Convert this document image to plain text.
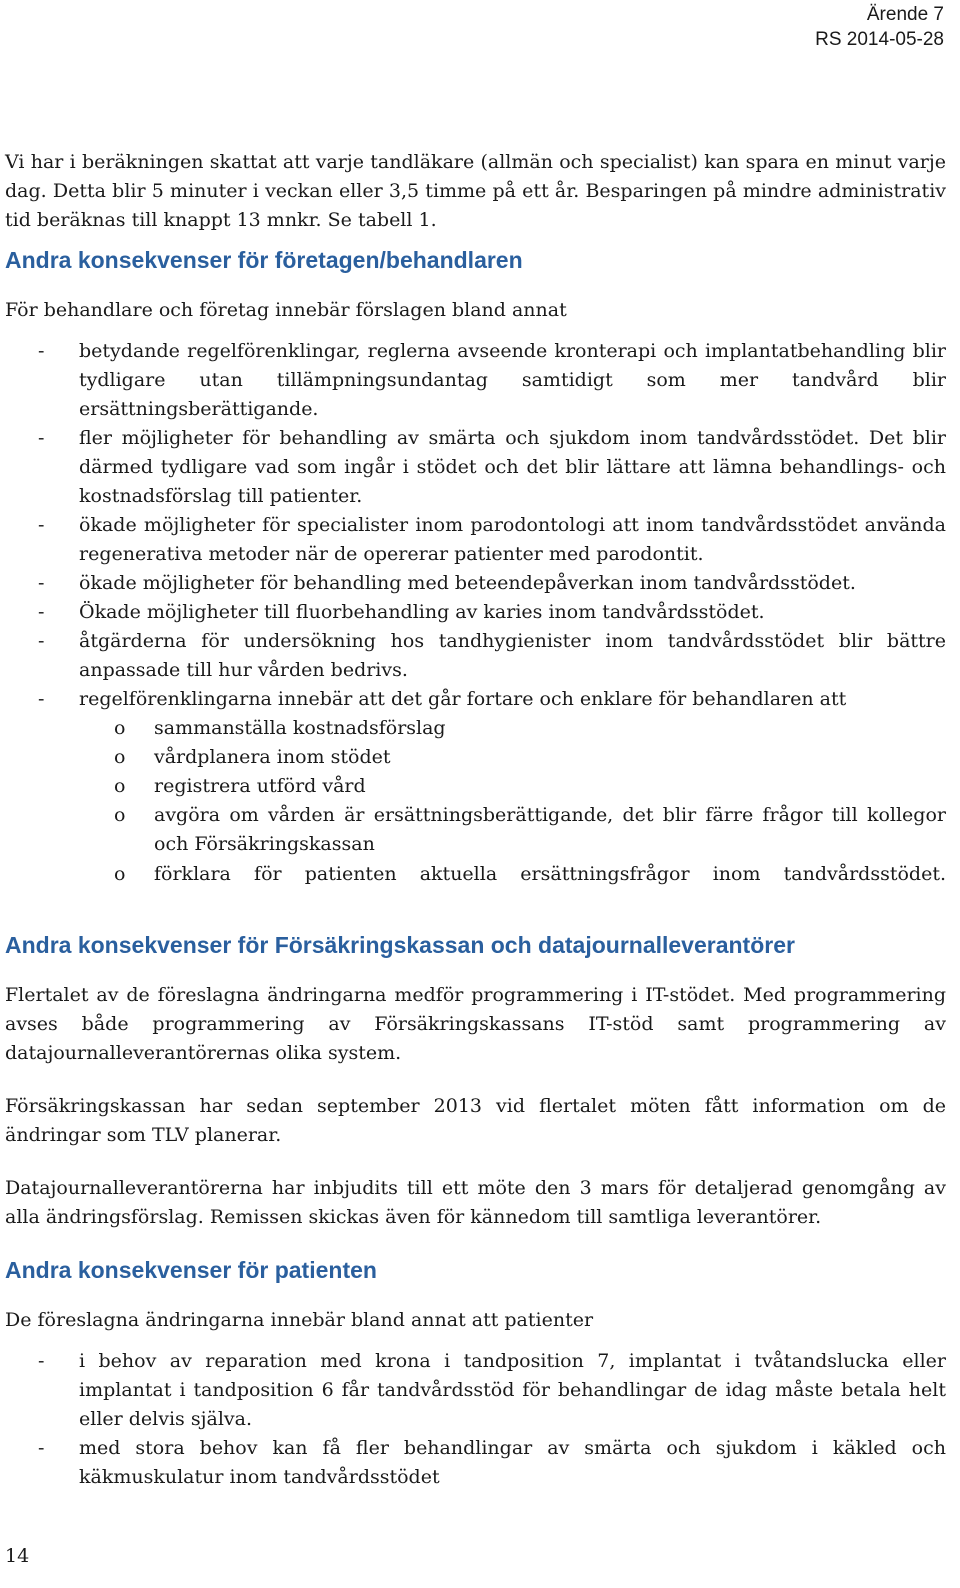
Ärende 7
RS 2014-05-28

Vi har i beräkningen skattat att varje tandläkare (allmän och specialist) kan spara en minut varje dag. Detta blir 5 minuter i veckan eller 3,5 timme på ett år. Besparingen på mindre administrativ tid beräknas till knappt 13 mnkr. Se tabell 1.

Andra konsekvenser för företagen/behandlaren

För behandlare och företag innebär förslagen bland annat

- betydande regelförenklingar, reglerna avseende kronterapi och implantatbehandling blir tydligare utan tillämpningsundantag samtidigt som mer tandvård blir ersättningsberättigande.
- fler möjligheter för behandling av smärta och sjukdom inom tandvårdsstödet. Det blir därmed tydligare vad som ingår i stödet och det blir lättare att lämna behandlings- och kostnadsförslag till patienter.
- ökade möjligheter för specialister inom parodontologi att inom tandvårdsstödet använda regenerativa metoder när de opererar patienter med parodontit.
- ökade möjligheter för behandling med beteendepåverkan inom tandvårdsstödet.
- Ökade möjligheter till fluorbehandling av karies inom tandvårdsstödet.
- åtgärderna för undersökning hos tandhygienister inom tandvårdsstödet blir bättre anpassade till hur vården bedrivs.
- regelförenklingarna innebär att det går fortare och enklare för behandlaren att
o	sammanställa kostnadsförslag
o	vårdplanera inom stödet
o	registrera utförd vård
o	avgöra om vården är ersättningsberättigande, det blir färre frågor till kollegor och Försäkringskassan
o	förklara för patienten aktuella ersättningsfrågor inom tandvårdsstödet.
Andra konsekvenser för Försäkringskassan och datajournalleverantörer

Flertalet av de föreslagna ändringarna medför programmering i IT-stödet. Med programmering avses både programmering av Försäkringskassans IT-stöd samt programmering av datajournalleverantörernas olika system.

Försäkringskassan har sedan september 2013 vid flertalet möten fått information om de ändringar som TLV planerar.

Datajournalleverantörerna har inbjudits till ett möte den 3 mars för detaljerad genomgång av alla ändringsförslag. Remissen skickas även för kännedom till samtliga leverantörer.

Andra konsekvenser för patienten

De föreslagna ändringarna innebär bland annat att patienter

- i behov av reparation med krona i tandposition 7, implantat i tvåtandslucka eller implantat i tandposition 6 får tandvårdsstöd för behandlingar de idag måste betala helt eller delvis själva.
- med stora behov kan få fler behandlingar av smärta och sjukdom i käkled och käkmuskulatur inom tandvårdsstödet
14
